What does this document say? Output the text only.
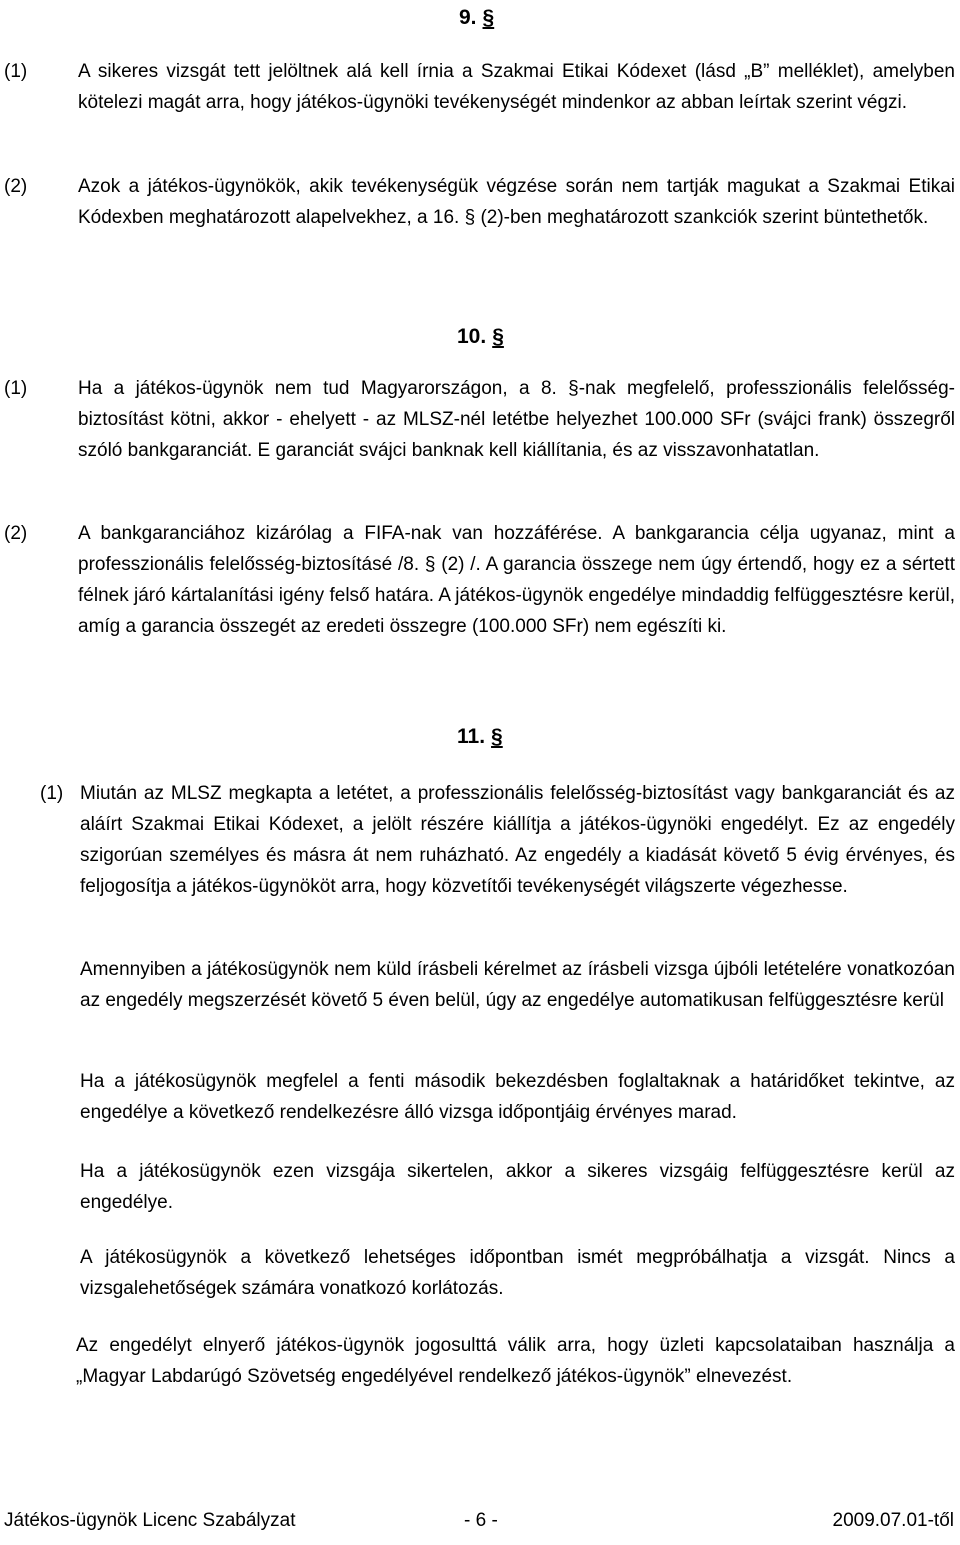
9. §
(1)	A sikeres vizsgát tett jelöltnek alá kell írnia a Szakmai Etikai Kódexet (lásd „B” melléklet), amelyben kötelezi magát arra, hogy játékos-ügynöki tevékenységét mindenkor az abban leírtak szerint végzi.
(2)	Azok a játékos-ügynökök, akik tevékenységük végzése során nem tartják magukat a Szakmai Etikai Kódexben meghatározott alapelvekhez, a 16. § (2)-ben meghatározott szankciók szerint büntethetők.
10. §
(1)	Ha a játékos-ügynök nem tud Magyarországon, a 8. §-nak megfelelő, professzionális felelősség-biztosítást kötni, akkor - ehelyett - az MLSZ-nél letétbe helyezhet 100.000 SFr (svájci frank) összegről szóló bankgaranciát. E garanciát svájci banknak kell kiállítania, és az visszavonhatatlan.
(2)	A bankgaranciához kizárólag a FIFA-nak van hozzáférése. A bankgarancia célja ugyanaz, mint a professzionális felelősség-biztosításé /8. § (2) /. A garancia összege nem úgy értendő, hogy ez a sértett félnek járó kártalanítási igény felső határa. A játékos-ügynök engedélye mindaddig felfüggesztésre kerül, amíg a garancia összegét az eredeti összegre (100.000 SFr) nem egészíti ki.
11. §
(1) Miután az MLSZ megkapta a letétet, a professzionális felelősség-biztosítást vagy bankgaranciát és az aláírt Szakmai Etikai Kódexet, a jelölt részére kiállítja a játékos-ügynöki engedélyt. Ez az engedély szigorúan személyes és másra át nem ruházható. Az engedély a kiadását követő 5 évig érvényes, és feljogosítja a játékos-ügynököt arra, hogy közvetítői tevékenységét világszerte végezhesse.
Amennyiben a játékosügynök nem küld írásbeli kérelmet az írásbeli vizsga újbóli letételére vonatkozóan az engedély megszerzését követő 5 éven belül, úgy az engedélye automatikusan felfüggesztésre kerül
Ha a játékosügynök megfelel a fenti második bekezdésben foglaltaknak a határidőket tekintve, az engedélye a következő rendelkezésre álló vizsga időpontjáig érvényes marad.
Ha a játékosügynök ezen vizsgája sikertelen, akkor a sikeres vizsgáig felfüggesztésre kerül az engedélye.
A játékosügynök a következő lehetséges időpontban ismét megpróbálhatja a vizsgát. Nincs a vizsgalehetőségek számára vonatkozó korlátozás.
Az engedélyt elnyerő játékos-ügynök jogosulttá válik arra, hogy üzleti kapcsolataiban használja a „Magyar Labdarúgó Szövetség engedélyével rendelkező játékos-ügynök” elnevezést.
Játékos-ügynök Licenc Szabályzat	- 6 -	2009.07.01-től
